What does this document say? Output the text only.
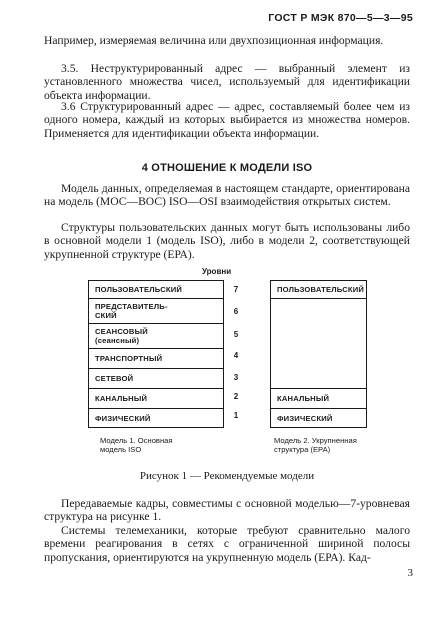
ГОСТ Р МЭК 870—5—3—95
Например, измеряемая величина или двухпозиционная информация.
3.5. Неструктурированный адрес — выбранный элемент из установленного множества чисел, используемый для идентификации объекта информации.
3.6 Структурированный адрес — адрес, составляемый более чем из одного номера, каждый из которых выбирается из множества номеров. Применяется для идентификации объекта информации.
4 ОТНОШЕНИЕ К МОДЕЛИ ISO
Модель данных, определяемая в настоящем стандарте, ориентирована на модель (МОС—ВОС) ISO—OSI взаимодействия открытых систем.
Структуры пользовательских данных могут быть использованы либо в основной модели 1 (модель ISO), либо в модели 2, соответствующей укрупненной структуре (ЕРА).
Уровни
ПОЛЬЗОВАТЕЛЬСКИЙ
ПРЕДСТАВИТЕЛЬ-
СКИЙ
СЕАНСОВЫЙ
(сеансный)
ТРАНСПОРТНЫЙ
СЕТЕВОЙ
КАНАЛЬНЫЙ
ФИЗИЧЕСКИЙ
7
6
5
4
3
2
1
ПОЛЬЗОВАТЕЛЬСКИЙ
КАНАЛЬНЫЙ
ФИЗИЧЕСКИЙ
Модель 1. Основная модель ISO
Модель 2. Укрупненная структура (ЕРА)
Рисунок 1 — Рекомендуемые модели
Передаваемые кадры, совместимы с основной моделью—7-уровневая структура на рисунке 1.
Системы телемеханики, которые требуют сравнительно малого времени реагирования в сетях с ограниченной шириной полосы пропускания, ориентируются на укрупненную модель (ЕРА). Кад-
3
